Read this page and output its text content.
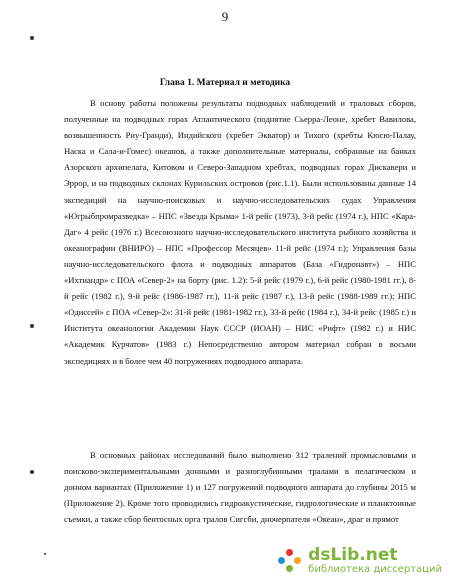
9
Глава 1. Материал и методика

В основу работы положены результаты подводных наблюдений и траловых сборов, полученные на подводных горах Атлантического (поднятие Сьерра-Леоне, хребет Вавилова, возвышенность Риу-Гранди), Индийского (хребет Экватор) и Тихого (хребты Кюсю-Палау, Наска и Сала-и-Гомес) океанов, а также дополнительные материалы, собранные на банках Азорского архипелага, Китовом и Северо-Западном хребтах, подводных горах Дискавери и Эррор, и на подводных склонах Курильских островов (рис.1.1). Были использованы данные 14 экспедиций на научно-поисковых и научно-исследовательских судах Управления «Югрыбпромразведка» – НПС «Звезда Крыма» 1-й рейс (1973), 3-й рейс (1974 г.), НПС «Кара-Даг» 4 рейс (1976 г.) Всесоюзного научно-исследовательского института рыбного хозяйства и океанографии (ВНИРО) – НПС «Профессор Месяцев» 11-й рейс (1974 г.); Управления базы научно-исследовательского флота и подводных аппаратов (База «Гидронавт») – НПС «Ихтиандр» с ПОА «Север-2» на борту (рис. 1.2): 5-й рейс (1979 г.), 6-й рейс (1980-1981 гг.), 8-й рейс (1982 г.), 9-й рейс (1986-1987 гг.), 11-й рейс (1987 г.), 13-й рейс (1988-1989 гг.); НПС «Одиссей» с ПОА «Север-2»: 31-й рейс (1981-1982 гг.), 33-й рейс (1984 г.), 34-й рейс (1985 г.) и Института океанологии Академии Наук СССР (ИОАН) – НИС «Рифт» (1982 г.) и НИС «Академик Курчатов» (1983 г.) Непосредственно автором материал собран в восьми экспедициях и в более чем 40 погружениях подводного аппарата.

В основных районах исследований было выполнено 312 тралений промысловыми и поисково-экспериментальными донными и разноглубинными тралами в пелагическом и донном вариантах (Приложение 1) и 127 погружений подводного аппарата до глубины 2015 м (Приложение 2). Кроме того проводились гидроакустические, гидрологические и планктонные съемки, а также сбор бентосных орга тралов Сигсби, дночерпателя «Океан», драг и прямот

dsLib.net
библиотека диссертаций
